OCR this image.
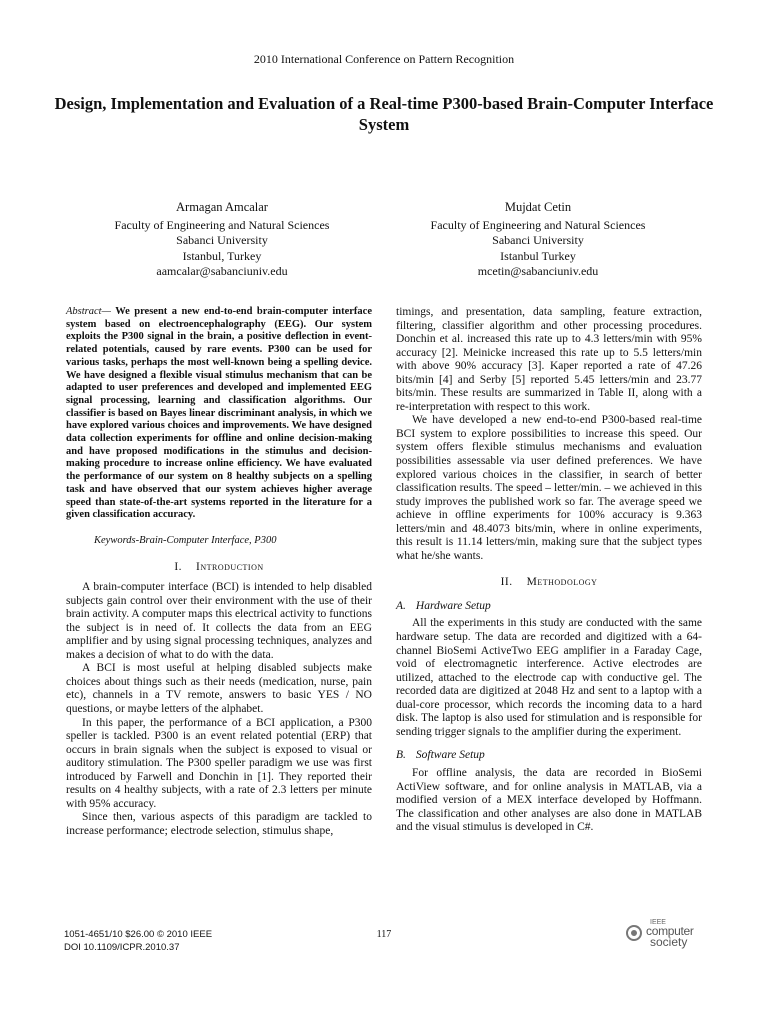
2010 International Conference on Pattern Recognition
Design, Implementation and Evaluation of a Real-time P300-based Brain-Computer Interface System
Armagan Amcalar
Faculty of Engineering and Natural Sciences
Sabanci University
Istanbul, Turkey
aamcalar@sabanciuniv.edu
Mujdat Cetin
Faculty of Engineering and Natural Sciences
Sabanci University
Istanbul Turkey
mcetin@sabanciuniv.edu
Abstract— We present a new end-to-end brain-computer interface system based on electroencephalography (EEG). Our system exploits the P300 signal in the brain, a positive deflection in event-related potentials, caused by rare events. P300 can be used for various tasks, perhaps the most well-known being a spelling device. We have designed a flexible visual stimulus mechanism that can be adapted to user preferences and developed and implemented EEG signal processing, learning and classification algorithms. Our classifier is based on Bayes linear discriminant analysis, in which we have explored various choices and improvements. We have designed data collection experiments for offline and online decision-making and have proposed modifications in the stimulus and decision-making procedure to increase online efficiency. We have evaluated the performance of our system on 8 healthy subjects on a spelling task and have observed that our system achieves higher average speed than state-of-the-art systems reported in the literature for a given classification accuracy.
Keywords-Brain-Computer Interface, P300
I. Introduction

A brain-computer interface (BCI) is intended to help disabled subjects gain control over their environment with the use of their brain activity. A computer maps this electrical activity to functions the subject is in need of. It collects the data from an EEG amplifier and by using signal processing techniques, analyzes and makes a decision of what to do with the data.

A BCI is most useful at helping disabled subjects make choices about things such as their needs (medication, nurse, pain etc), channels in a TV remote, answers to basic YES / NO questions, or maybe letters of the alphabet.

In this paper, the performance of a BCI application, a P300 speller is tackled. P300 is an event related potential (ERP) that occurs in brain signals when the subject is exposed to visual or auditory stimulation. The P300 speller paradigm we use was first introduced by Farwell and Donchin in [1]. They reported their results on 4 healthy subjects, with a rate of 2.3 letters per minute with 95% accuracy.

Since then, various aspects of this paradigm are tackled to increase performance; electrode selection, stimulus shape,

timings, and presentation, data sampling, feature extraction, filtering, classifier algorithm and other processing procedures. Donchin et al. increased this rate up to 4.3 letters/min with 95% accuracy [2]. Meinicke increased this rate up to 5.5 letters/min with above 90% accuracy [3]. Kaper reported a rate of 47.26 bits/min [4] and Serby [5] reported 5.45 letters/min and 23.77 bits/min. These results are summarized in Table II, along with a re-interpretation with respect to this work.

We have developed a new end-to-end P300-based real-time BCI system to explore possibilities to increase this speed. Our system offers flexible stimulus mechanisms and evaluation possibilities assessable via user defined preferences. We have explored various choices in the classifier, in search of better classification results. The speed – letter/min. – we achieved in this study improves the published work so far. The average speed we achieve in offline experiments for 100% accuracy is 9.363 letters/min and 48.4073 bits/min, where in online experiments, this result is 11.14 letters/min, making sure that the subject types what he/she wants.

II. Methodology
A. Hardware Setup

All the experiments in this study are conducted with the same hardware setup. The data are recorded and digitized with a 64-channel BioSemi ActiveTwo EEG amplifier in a Faraday Cage, void of electromagnetic interference. Active electrodes are utilized, attached to the electrode cap with conductive gel. The recorded data are digitized at 2048 Hz and sent to a laptop with a dual-core processor, which records the incoming data to a hard disk. The laptop is also used for stimulation and is responsible for sending trigger signals to the amplifier during the experiment.

B. Software Setup

For offline analysis, the data are recorded in BioSemi ActiView software, and for online analysis in MATLAB, via a modified version of a MEX interface developed by Hoffmann. The classification and other analyses are also done in MATLAB and the visual stimulus is developed in C#.

1051-4651/10 $26.00 © 2010 IEEE
DOI 10.1109/ICPR.2010.37
117
IEEE
computer
society
